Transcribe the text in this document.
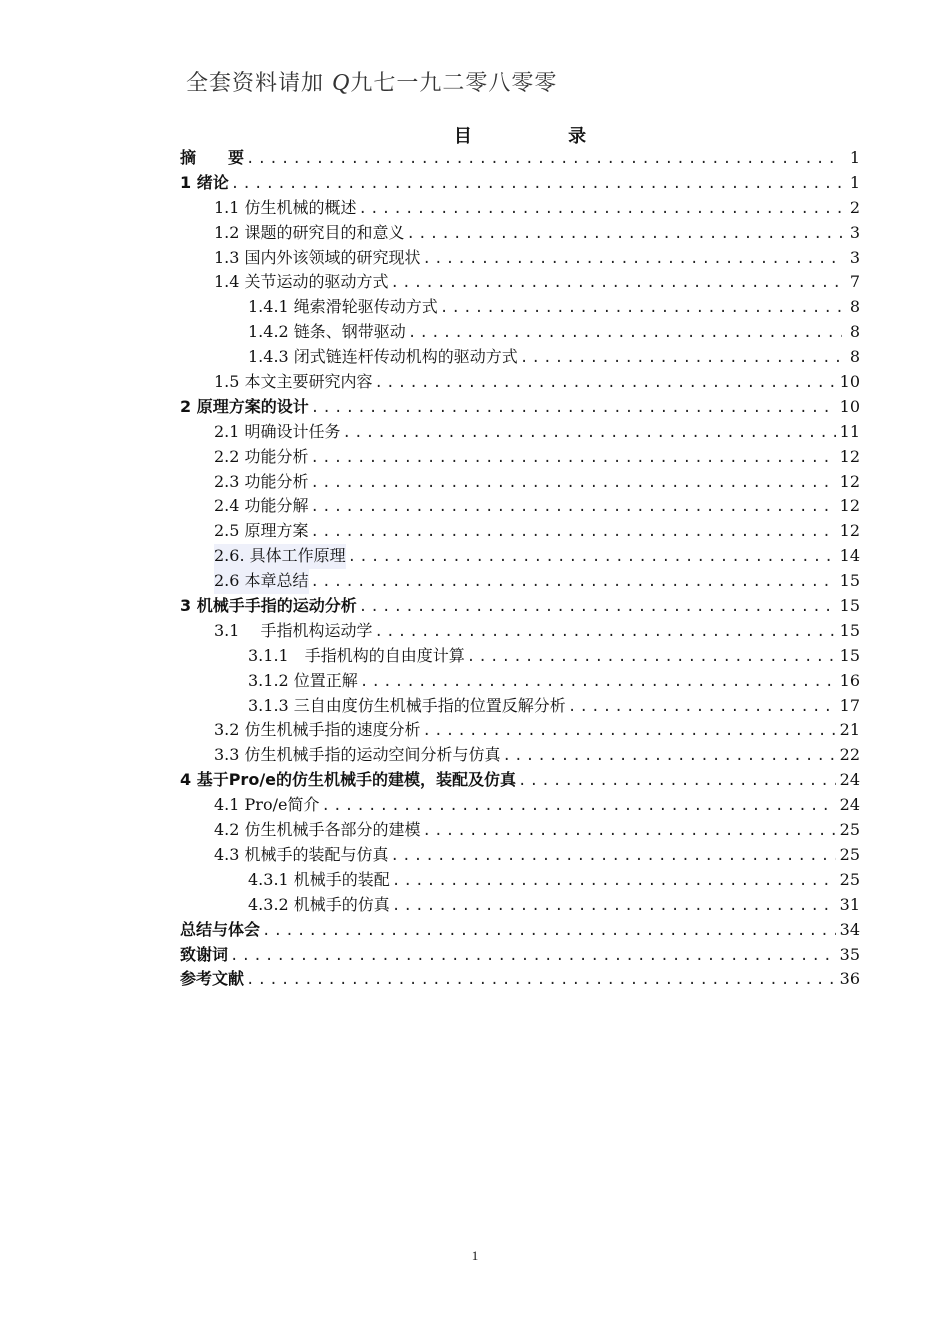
全套资料请加 Q九七一九二零八零零
目 录
摘　　要 .....	1
1 绪论 .....	1
1.1 仿生机械的概述 .....	2
1.2 课题的研究目的和意义 .....	3
1.3 国内外该领域的研究现状 .....	3
1.4 关节运动的驱动方式 .....	7
1.4.1 绳索滑轮驱传动方式 .....	8
1.4.2 链条、钢带驱动 .....	8
1.4.3 闭式链连杆传动机构的驱动方式 .....	8
1.5 本文主要研究内容 .....	10
2 原理方案的设计 .....	10
2.1 明确设计任务 .....	11
2.2 功能分析 .....	12
2.3 功能分析 .....	12
2.4 功能分解 .....	12
2.5 原理方案 .....	12
2.6. 具体工作原理 .....	14
2.6 本章总结 .....	15
3 机械手手指的运动分析 .....	15
3.1　 手指机构运动学 .....	15
3.1.1　手指机构的自由度计算 .....	15
3.1.2 位置正解 .....	16
3.1.3 三自由度仿生机械手指的位置反解分析 .....	17
3.2 仿生机械手指的速度分析 .....	21
3.3 仿生机械手指的运动空间分析与仿真 .....	22
4 基于Pro/e的仿生机械手的建模，装配及仿真 .....	24
4.1 Pro/e简介 .....	24
4.2 仿生机械手各部分的建模 .....	25
4.3 机械手的装配与仿真 .....	25
4.3.1 机械手的装配 .....	25
4.3.2 机械手的仿真 .....	31
总结与体会 .....	34
致谢词 .....	35
参考文献 .....	36
1
